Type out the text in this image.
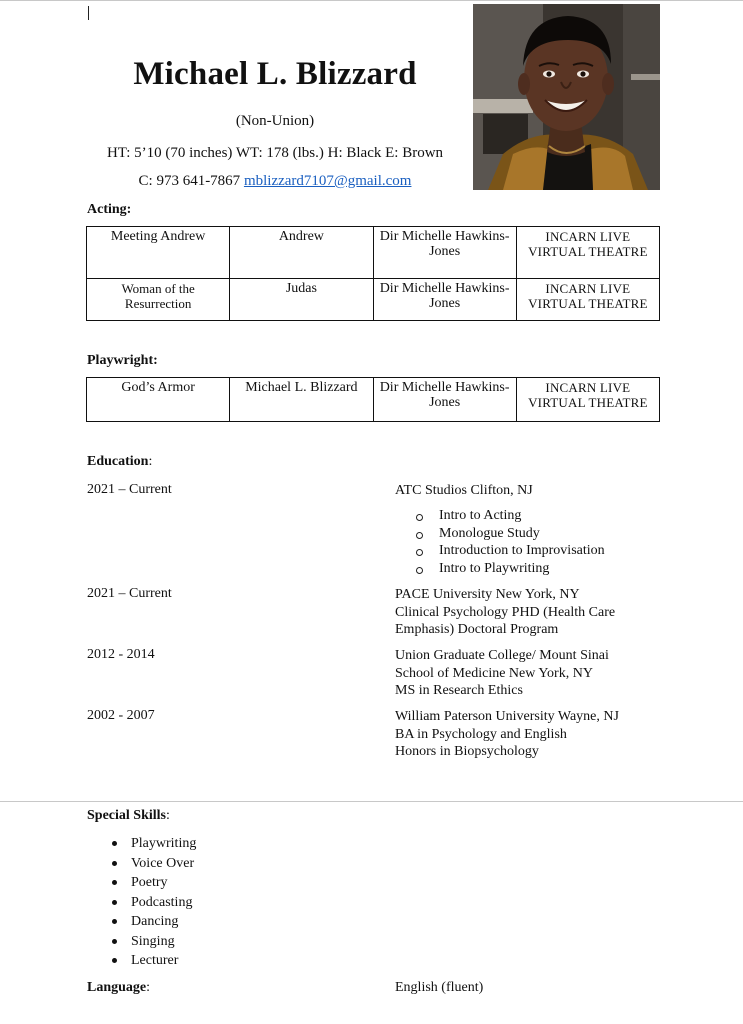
Michael L. Blizzard
(Non-Union)
HT: 5’10 (70 inches) WT: 178 (lbs.) H: Black E: Brown
C: 973 641-7867 mblizzard7107@gmail.com
Acting:
Meeting Andrew	Andrew	Dir Michelle Hawkins-Jones	INCARN LIVE VIRTUAL THEATRE
Woman of the Resurrection	Judas	Dir Michelle Hawkins-Jones	INCARN LIVE VIRTUAL THEATRE
Playwright:
God’s Armor	Michael L. Blizzard	Dir Michelle Hawkins-Jones	INCARN LIVE VIRTUAL THEATRE
Education:
2021 – Current	ATC Studios Clifton, NJ
Intro to Acting
Monologue Study
Introduction to Improvisation
Intro to Playwriting
2021 – Current	PACE University New York, NY
Clinical Psychology PHD (Health Care
Emphasis) Doctoral Program
2012 - 2014	Union Graduate College/ Mount Sinai
School of Medicine New York, NY
MS in Research Ethics
2002 - 2007	William Paterson University Wayne, NJ
BA in Psychology and English
Honors in Biopsychology
Special Skills:
Playwriting
Voice Over
Poetry
Podcasting
Dancing
Singing
Lecturer
Language:	English (fluent)
